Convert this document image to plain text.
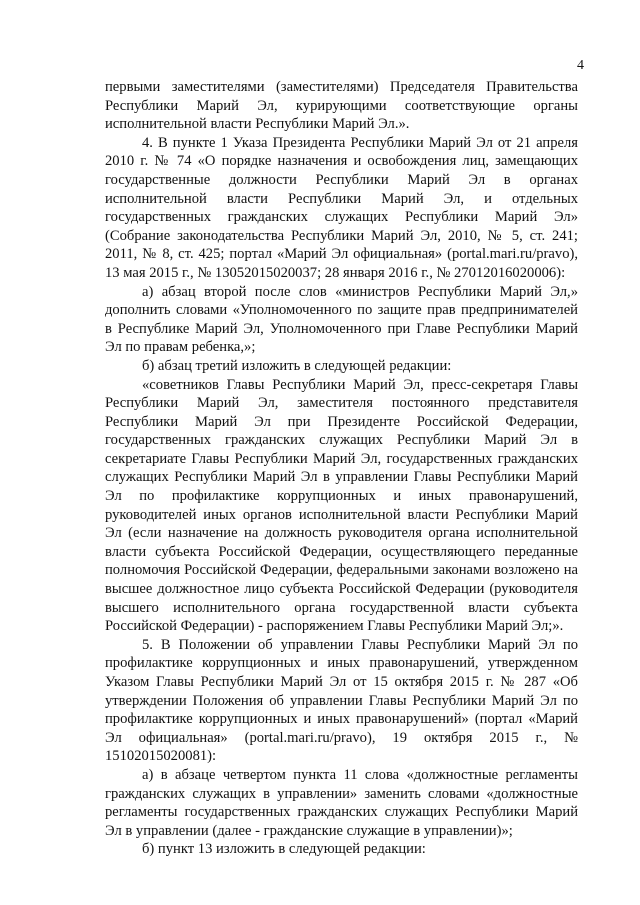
4

первыми заместителями (заместителями) Председателя Правительства Республики Марий Эл, курирующими соответствующие органы исполнительной власти Республики Марий Эл.».

4. В пункте 1 Указа Президента Республики Марий Эл от 21 апреля 2010 г. № 74 «О порядке назначения и освобождения лиц, замещающих государственные должности Республики Марий Эл в органах исполнительной власти Республики Марий Эл, и отдельных государственных гражданских служащих Республики Марий Эл» (Собрание законодательства Республики Марий Эл, 2010, № 5, ст. 241; 2011, № 8, ст. 425; портал «Марий Эл официальная» (portal.mari.ru/pravo), 13 мая 2015 г., № 13052015020037; 28 января 2016 г., № 27012016020006):

а) абзац второй после слов «министров Республики Марий Эл,» дополнить словами «Уполномоченного по защите прав предпринимателей в Республике Марий Эл, Уполномоченного при Главе Республики Марий Эл по правам ребенка,»;

б) абзац третий изложить в следующей редакции:

«советников Главы Республики Марий Эл, пресс-секретаря Главы Республики Марий Эл, заместителя постоянного представителя Республики Марий Эл при Президенте Российской Федерации, государственных гражданских служащих Республики Марий Эл в секретариате Главы Республики Марий Эл, государственных гражданских служащих Республики Марий Эл в управлении Главы Республики Марий Эл по профилактике коррупционных и иных правонарушений, руководителей иных органов исполнительной власти Республики Марий Эл (если назначение на должность руководителя органа исполнительной власти субъекта Российской Федерации, осуществляющего переданные полномочия Российской Федерации, федеральными законами возложено на высшее должностное лицо субъекта Российской Федерации (руководителя высшего исполнительного органа государственной власти субъекта Российской Федерации) - распоряжением Главы Республики Марий Эл;».

5. В Положении об управлении Главы Республики Марий Эл по профилактике коррупционных и иных правонарушений, утвержденном Указом Главы Республики Марий Эл от 15 октября 2015 г. № 287 «Об утверждении Положения об управлении Главы Республики Марий Эл по профилактике коррупционных и иных правонарушений» (портал «Марий Эл официальная» (portal.mari.ru/pravo), 19 октября 2015 г., № 15102015020081):

а) в абзаце четвертом пункта 11 слова «должностные регламенты гражданских служащих в управлении» заменить словами «должностные регламенты государственных гражданских служащих Республики Марий Эл в управлении (далее - гражданские служащие в управлении)»;

б) пункт 13 изложить в следующей редакции:
